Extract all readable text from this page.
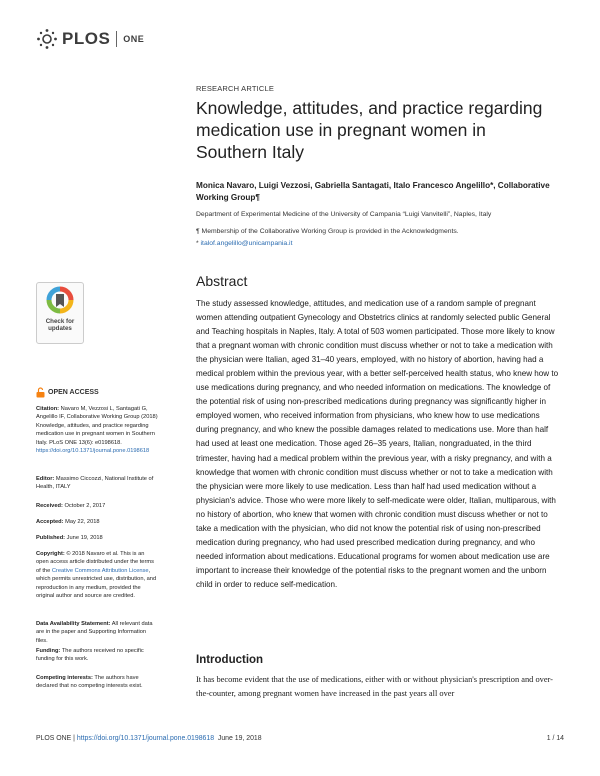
PLOS ONE
RESEARCH ARTICLE
Knowledge, attitudes, and practice regarding medication use in pregnant women in Southern Italy
Monica Navaro, Luigi Vezzosi, Gabriella Santagati, Italo Francesco Angelillo*, Collaborative Working Group¶
Department of Experimental Medicine of the University of Campania “Luigi Vanvitelli”, Naples, Italy
¶ Membership of the Collaborative Working Group is provided in the Acknowledgments.
* italof.angelillo@unicampania.it
Abstract
The study assessed knowledge, attitudes, and medication use of a random sample of pregnant women attending outpatient Gynecology and Obstetrics clinics at randomly selected public General and Teaching hospitals in Naples, Italy. A total of 503 women participated. Those more likely to know that a pregnant woman with chronic condition must discuss whether or not to take a medication with the physician were Italian, aged 31–40 years, employed, with no history of abortion, having had a medical problem within the previous year, with a better self-perceived health status, who knew how to use medications during pregnancy, and who needed information on medications. The knowledge of the potential risk of using non-prescribed medications during pregnancy was significantly higher in employed women, who received information from physicians, who knew how to use medications during pregnancy, and who knew the possible damages related to medications use. More than half had used at least one medication. Those aged 26–35 years, Italian, nongraduated, in the third trimester, having had a medical problem within the previous year, with a risky pregnancy, and with a knowledge that women with chronic condition must discuss whether or not to take a medication with the physician were more likely to use medication. Less than half had used medication without a physician's advice. Those who were more likely to self-medicate were older, Italian, multiparous, with no history of abortion, who knew that women with chronic condition must discuss whether or not to take a medication with the physician, who did not know the potential risk of using non-prescribed medication during pregnancy, who had used prescribed medication during pregnancy, and who needed information about medications. Educational programs for women about medication use are important to increase their knowledge of the potential risks to the pregnant women and the unborn child in order to reduce self-medication.
Introduction
It has become evident that the use of medications, either with or without physician's prescription and over-the-counter, among pregnant women have increased in the past years all over
Check for
updates
OPEN ACCESS
Citation: Navaro M, Vezzosi L, Santagati G, Angelillo IF, Collaborative Working Group (2018) Knowledge, attitudes, and practice regarding medication use in pregnant women in Southern Italy. PLoS ONE 13(6): e0198618. https://doi.org/10.1371/journal.pone.0198618
Editor: Massimo Ciccozzi, National Institute of Health, ITALY
Received: October 2, 2017
Accepted: May 22, 2018
Published: June 19, 2018
Copyright: © 2018 Navaro et al. This is an open access article distributed under the terms of the Creative Commons Attribution License, which permits unrestricted use, distribution, and reproduction in any medium, provided the original author and source are credited.
Data Availability Statement: All relevant data are in the paper and Supporting Information files.
Funding: The authors received no specific funding for this work.
Competing interests: The authors have declared that no competing interests exist.
PLOS ONE | https://doi.org/10.1371/journal.pone.0198618 June 19, 2018	1 / 14
